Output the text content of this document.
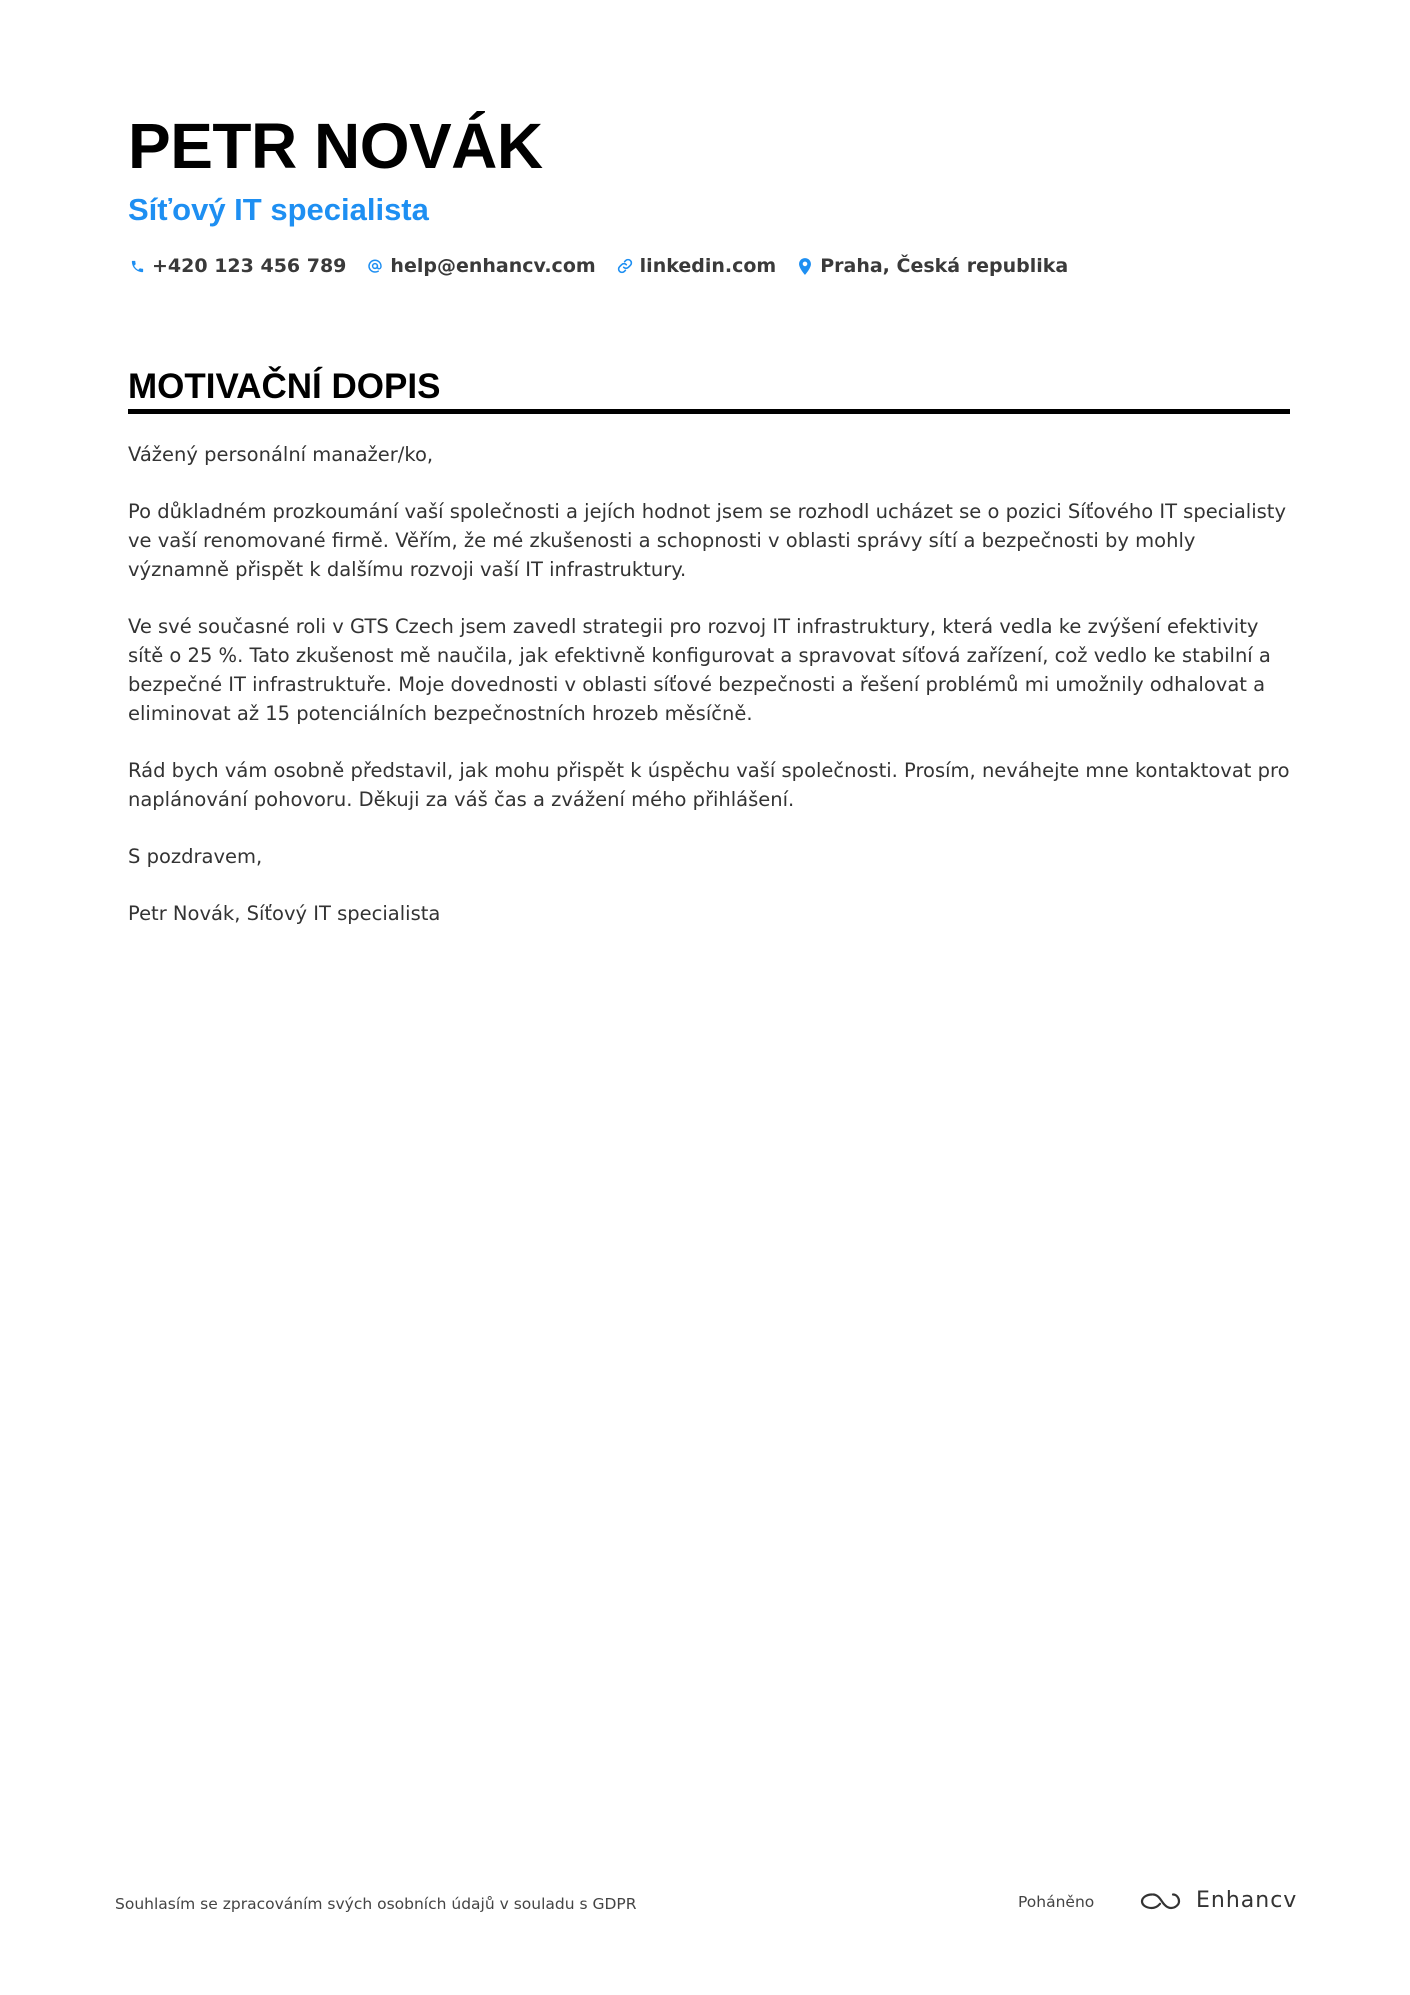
PETR NOVÁK
Síťový IT specialista
+420 123 456 789 help@enhancv.com linkedin.com Praha, Česká republika
MOTIVAČNÍ DOPIS

Vážený personální manažer/ko,

Po důkladném prozkoumání vaší společnosti a jejích hodnot jsem se rozhodl ucházet se o pozici Síťového IT specialisty ve vaší renomované firmě. Věřím, že mé zkušenosti a schopnosti v oblasti správy sítí a bezpečnosti by mohly významně přispět k dalšímu rozvoji vaší IT infrastruktury.

Ve své současné roli v GTS Czech jsem zavedl strategii pro rozvoj IT infrastruktury, která vedla ke zvýšení efektivity sítě o 25 %. Tato zkušenost mě naučila, jak efektivně konfigurovat a spravovat síťová zařízení, což vedlo ke stabilní a bezpečné IT infrastruktuře. Moje dovednosti v oblasti síťové bezpečnosti a řešení problémů mi umožnily odhalovat a eliminovat až 15 potenciálních bezpečnostních hrozeb měsíčně.

Rád bych vám osobně představil, jak mohu přispět k úspěchu vaší společnosti. Prosím, neváhejte mne kontaktovat pro naplánování pohovoru. Děkuji za váš čas a zvážení mého přihlášení.

S pozdravem,

Petr Novák, Síťový IT specialista

Souhlasím se zpracováním svých osobních údajů v souladu s GDPR	Poháněno	Enhancv
